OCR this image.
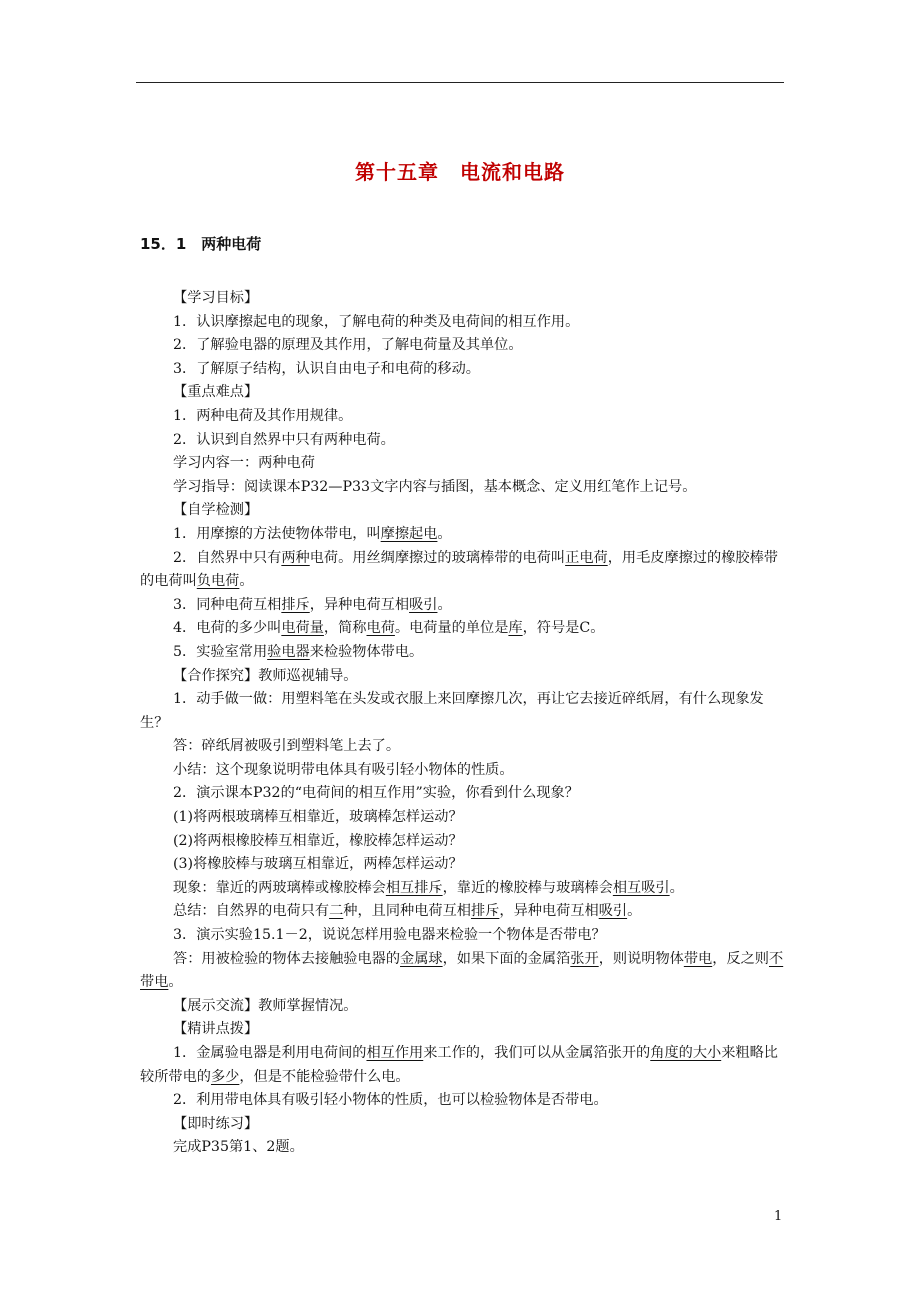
第十五章　电流和电路
15．1　两种电荷

【学习目标】

1．认识摩擦起电的现象，了解电荷的种类及电荷间的相互作用。

2．了解验电器的原理及其作用，了解电荷量及其单位。

3．了解原子结构，认识自由电子和电荷的移动。

【重点难点】

1．两种电荷及其作用规律。

2．认识到自然界中只有两种电荷。

学习内容一：两种电荷

学习指导：阅读课本P32—P33文字内容与插图，基本概念、定义用红笔作上记号。

【自学检测】

1．用摩擦的方法使物体带电，叫摩擦起电。

2．自然界中只有两种电荷。用丝绸摩擦过的玻璃棒带的电荷叫正电荷，用毛皮摩擦过的橡胶棒带的电荷叫负电荷。

3．同种电荷互相排斥，异种电荷互相吸引。

4．电荷的多少叫电荷量，简称电荷。电荷量的单位是库，符号是C。

5．实验室常用验电器来检验物体带电。

【合作探究】教师巡视辅导。

1．动手做一做：用塑料笔在头发或衣服上来回摩擦几次，再让它去接近碎纸屑，有什么现象发生？

答：碎纸屑被吸引到塑料笔上去了。

小结：这个现象说明带电体具有吸引轻小物体的性质。

2．演示课本P32的“电荷间的相互作用”实验，你看到什么现象？

(1)将两根玻璃棒互相靠近，玻璃棒怎样运动？

(2)将两根橡胶棒互相靠近，橡胶棒怎样运动？

(3)将橡胶棒与玻璃互相靠近，两棒怎样运动？

现象：靠近的两玻璃棒或橡胶棒会相互排斥，靠近的橡胶棒与玻璃棒会相互吸引。

总结：自然界的电荷只有二种，且同种电荷互相排斥，异种电荷互相吸引。

3．演示实验15.1－2，说说怎样用验电器来检验一个物体是否带电？

答：用被检验的物体去接触验电器的金属球，如果下面的金属箔张开，则说明物体带电，反之则不带电。

【展示交流】教师掌握情况。

【精讲点拨】

1．金属验电器是利用电荷间的相互作用来工作的，我们可以从金属箔张开的角度的大小来粗略比较所带电的多少，但是不能检验带什么电。

2．利用带电体具有吸引轻小物体的性质，也可以检验物体是否带电。

【即时练习】

完成P35第1、2题。

1
